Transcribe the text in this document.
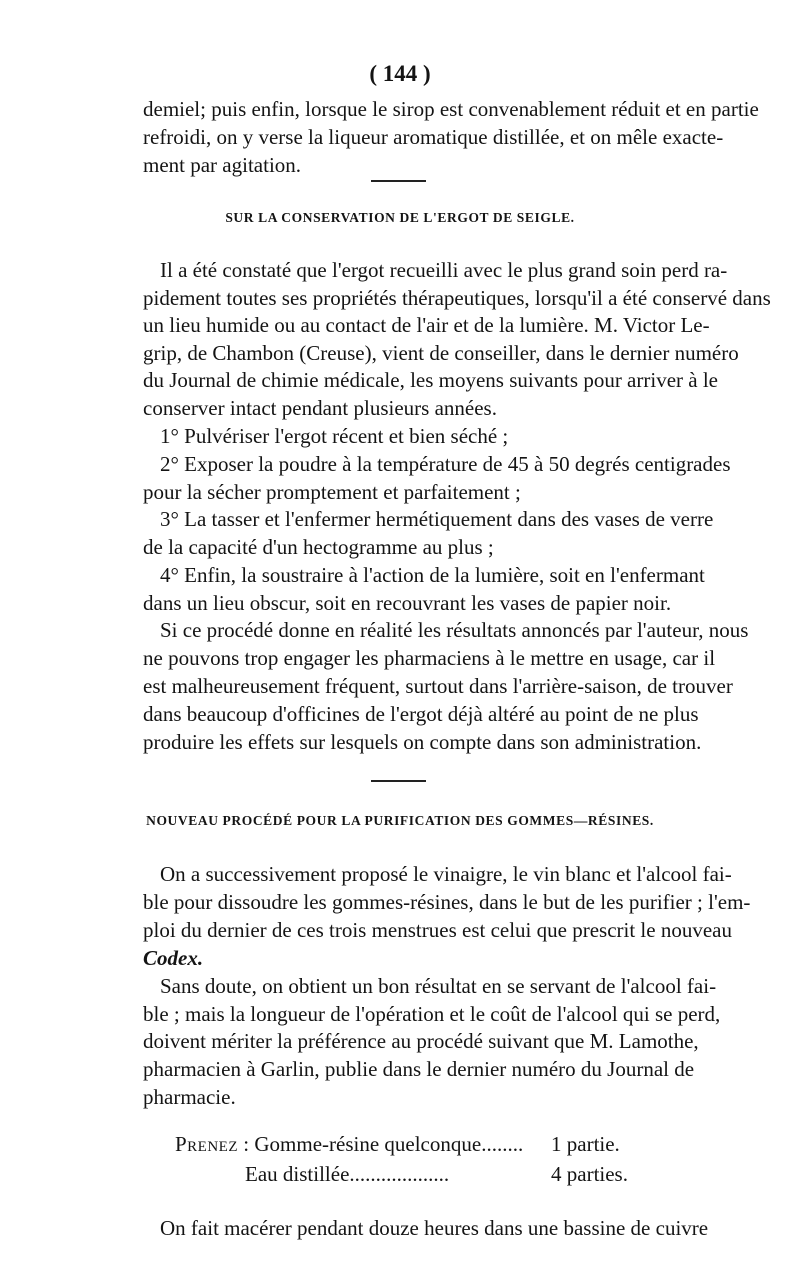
( 144 )
demiel; puis enfin, lorsque le sirop est convenablement réduit et en partie
refroidi, on y verse la liqueur aromatique distillée, et on mêle exacte-
ment par agitation.
SUR LA CONSERVATION DE L'ERGOT DE SEIGLE.
Il a été constaté que l'ergot recueilli avec le plus grand soin perd ra-
pidement toutes ses propriétés thérapeutiques, lorsqu'il a été conservé dans
un lieu humide ou au contact de l'air et de la lumière. M. Victor Le-
grip, de Chambon (Creuse), vient de conseiller, dans le dernier numéro
du Journal de chimie médicale, les moyens suivants pour arriver à le
conserver intact pendant plusieurs années.
1° Pulvériser l'ergot récent et bien séché ;
2° Exposer la poudre à la température de 45 à 50 degrés centigrades
pour la sécher promptement et parfaitement ;
3° La tasser et l'enfermer hermétiquement dans des vases de verre
de la capacité d'un hectogramme au plus ;
4° Enfin, la soustraire à l'action de la lumière, soit en l'enfermant
dans un lieu obscur, soit en recouvrant les vases de papier noir.
Si ce procédé donne en réalité les résultats annoncés par l'auteur, nous
ne pouvons trop engager les pharmaciens à le mettre en usage, car il
est malheureusement fréquent, surtout dans l'arrière-saison, de trouver
dans beaucoup d'officines de l'ergot déjà altéré au point de ne plus
produire les effets sur lesquels on compte dans son administration.
NOUVEAU PROCÉDÉ POUR LA PURIFICATION DES GOMMES—RÉSINES.
On a successivement proposé le vinaigre, le vin blanc et l'alcool fai-
ble pour dissoudre les gommes-résines, dans le but de les purifier ; l'em-
ploi du dernier de ces trois menstrues est celui que prescrit le nouveau
Codex.
Sans doute, on obtient un bon résultat en se servant de l'alcool fai-
ble ; mais la longueur de l'opération et le coût de l'alcool qui se perd,
doivent mériter la préférence au procédé suivant que M. Lamothe,
pharmacien à Garlin, publie dans le dernier numéro du Journal de
pharmacie.
Prenez : Gomme-résine quelconque........ 1 partie.
Eau distillée...................	4 parties.
On fait macérer pendant douze heures dans une bassine de cuivre
